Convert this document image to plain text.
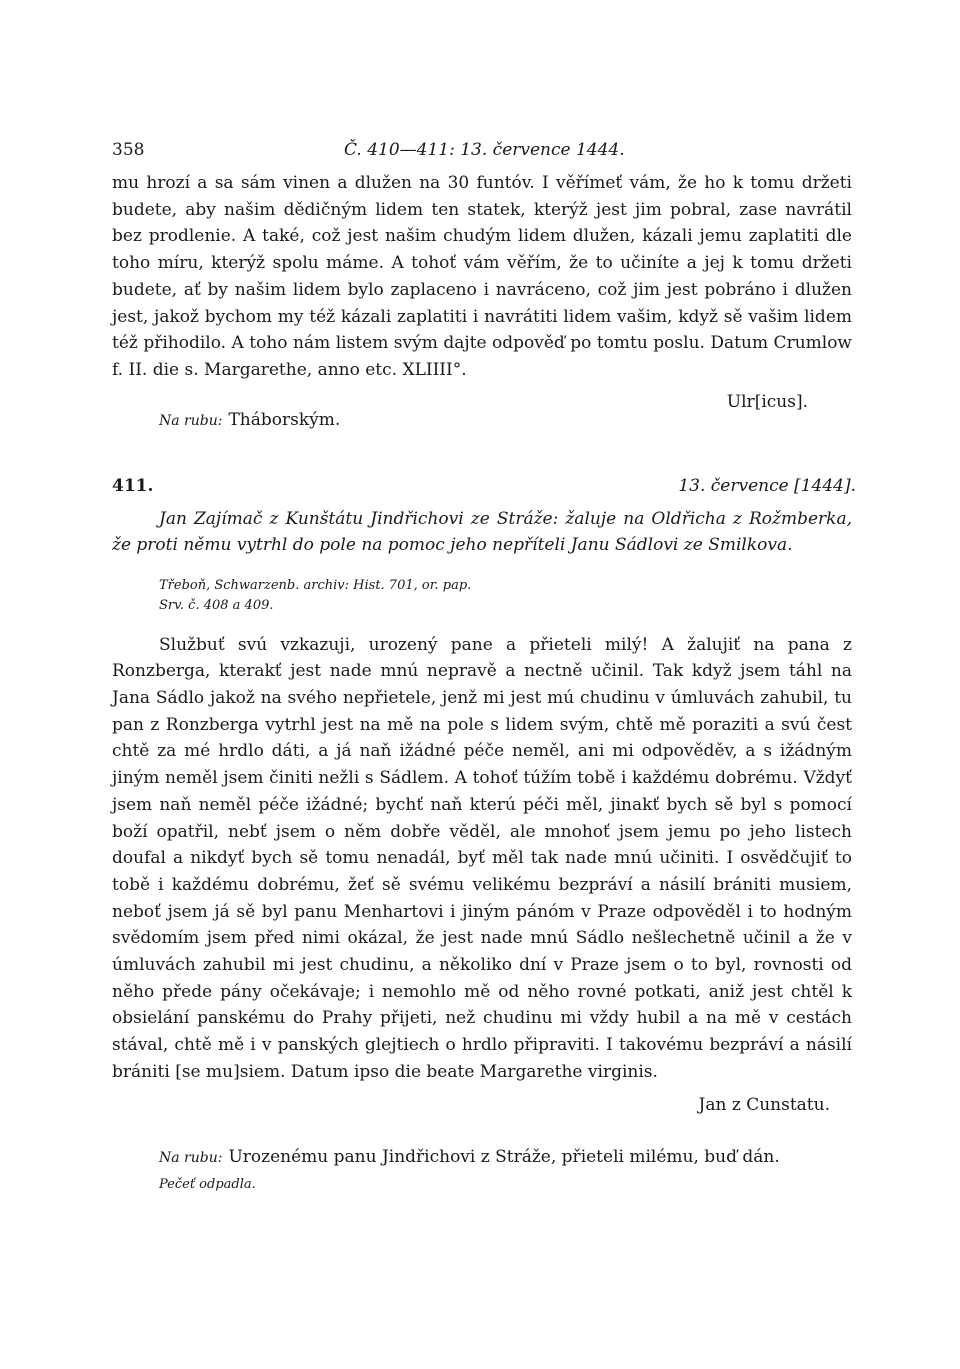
358	Č. 410—411: 13. července 1444.

mu hrozí a sa sám vinen a dlužen na 30 funtóv. I věřímeť vám, že ho k tomu držeti budete, aby našim dědičným lidem ten statek, kterýž jest jim pobral, zase navrátil bez prodlenie. A také, což jest našim chudým lidem dlužen, kázali jemu zaplatiti dle toho míru, kterýž spolu máme. A tohoť vám věřím, že to učiníte a jej k tomu držeti budete, ať by našim lidem bylo zaplaceno i navráceno, což jim jest pobráno i dlužen jest, jakož bychom my též kázali zaplatiti i navrátiti lidem vašim, když sě vašim lidem též přihodilo. A toho nám listem svým dajte odpověď po tomtu poslu. Datum Crumlow f. II. die s. Margarethe, anno etc. XLIIII°.

Ulr[icus].
Na rubu: Tháborským.
411.	13. července [1444].

Jan Zajímač z Kunštátu Jindřichovi ze Stráže: žaluje na Oldřicha z Rožmberka, že proti němu vytrhl do pole na pomoc jeho nepříteli Janu Sádlovi ze Smilkova.

Třeboň, Schwarzenb. archiv: Hist. 701, or. pap.
Srv. č. 408 a 409.

Službuť svú vzkazuji, urozený pane a přieteli milý! A žalujiť na pana z Ronzberga, kterakť jest nade mnú nepravě a nectně učinil. Tak když jsem táhl na Jana Sádlo jakož na svého nepřietele, jenž mi jest mú chudinu v úmluvách zahubil, tu pan z Ronzberga vytrhl jest na mě na pole s lidem svým, chtě mě poraziti a svú čest chtě za mé hrdlo dáti, a já naň ižádné péče neměl, ani mi odpověděv, a s ižádným jiným neměl jsem činiti nežli s Sádlem. A tohoť túžím tobě i každému dobrému. Vždyť jsem naň neměl péče ižádné; bychť naň kterú péči měl, jinakť bych sě byl s pomocí boží opatřil, nebť jsem o něm dobře věděl, ale mnohoť jsem jemu po jeho listech doufal a nikdyť bych sě tomu nenadál, byť měl tak nade mnú učiniti. I osvědčujiť to tobě i každému dobrému, žeť sě svému velikému bezpráví a násilí brániti musiem, neboť jsem já sě byl panu Menhartovi i jiným pánóm v Praze odpověděl i to hodným svědomím jsem před nimi okázal, že jest nade mnú Sádlo nešlechetně učinil a že v úmluvách zahubil mi jest chudinu, a několiko dní v Praze jsem o to byl, rovnosti od něho přede pány očekávaje; i nemohlo mě od něho rovné potkati, aniž jest chtěl k obsielání panskému do Prahy přijeti, než chudinu mi vždy hubil a na mě v cestách stával, chtě mě i v panských glejtiech o hrdlo připraviti. I takovému bezpráví a násilí brániti [se mu]siem. Datum ipso die beate Margarethe virginis.

Jan z Cunstatu.
Na rubu: Urozenému panu Jindřichovi z Stráže, přieteli milému, buď dán.
Pečeť odpadla.
